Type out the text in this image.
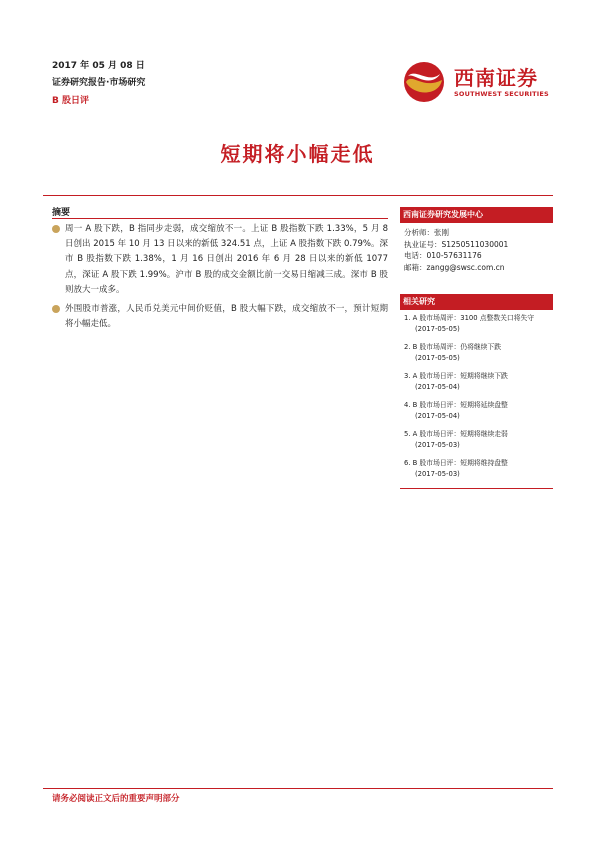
2017 年 05 月 08 日
证券研究报告·市场研究
B 股日评
西南证券
SOUTHWEST SECURITIES
短期将小幅走低
摘要
周一 A 股下跌，B 指同步走弱，成交缩放不一。上证 B 股指数下跌 1.33%，5 月 8 日创出 2015 年 10 月 13 日以来的新低 324.51 点，上证 A 股指数下跌 0.79%。深市 B 股指数下跌 1.38%，1 月 16 日创出 2016 年 6 月 28 日以来的新低 1077 点，深证 A 股下跌 1.99%。沪市 B 股的成交金额比前一交易日缩减三成。深市 B 股则放大一成多。
外围股市普涨，人民币兑美元中间价贬值，B 股大幅下跌，成交缩放不一，预计短期将小幅走低。
西南证券研究发展中心
分析师：张刚
执业证号：S1250511030001
电话：010-57631176
邮箱：zangg@swsc.com.cn
相关研究
1. A 股市场周评：3100 点整数关口将失守
(2017-05-05)
2. B 股市场周评：仍将继续下跌
(2017-05-05)
3. A 股市场日评：短期将继续下跌
(2017-05-04)
4. B 股市场日评：短期将延续盘整
(2017-05-04)
5. A 股市场日评：短期将继续走弱
(2017-05-03)
6. B 股市场日评：短期将维持盘整
(2017-05-03)
请务必阅读正文后的重要声明部分
